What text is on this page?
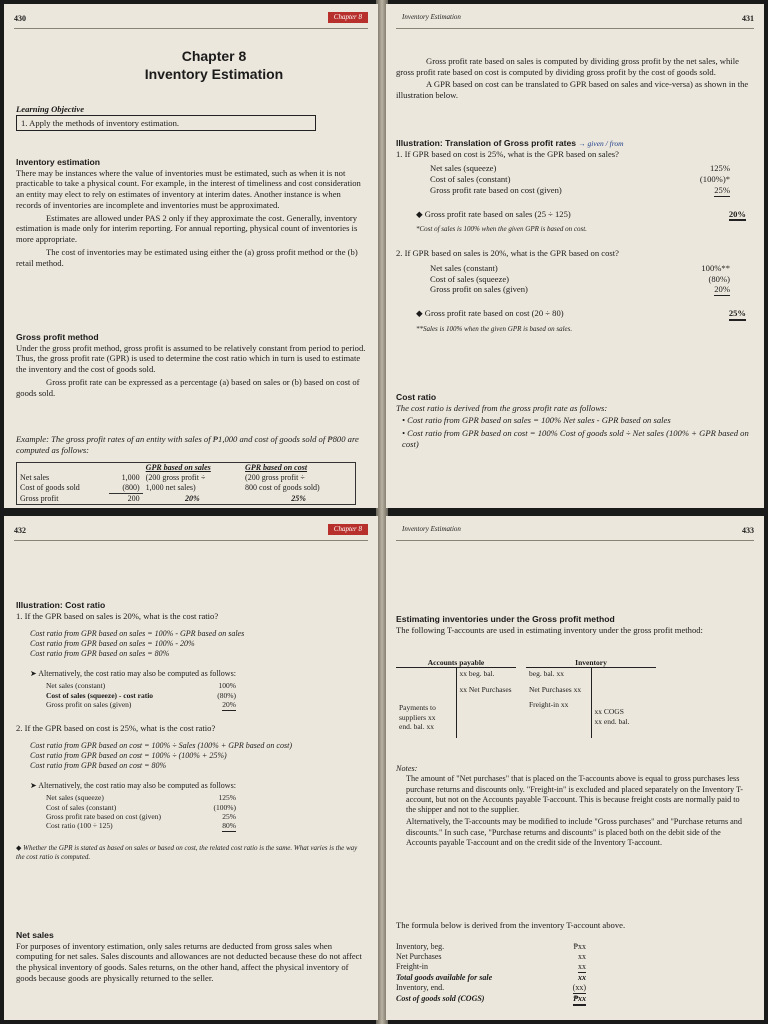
430	Chapter 8
Chapter 8
Inventory Estimation
Learning Objective
1. Apply the methods of inventory estimation.
Inventory estimation

There may be instances where the value of inventories must be estimated, such as when it is not practicable to take a physical count. For example, in the interest of timeliness and cost consideration an entity may elect to rely on estimates of inventory at interim dates. Another instance is when records of inventories are incomplete and inventories must be approximated.

Estimates are allowed under PAS 2 only if they approximate the cost. Generally, inventory estimation is made only for interim reporting. For annual reporting, physical count of inventories is more appropriate.

The cost of inventories may be estimated using either the (a) gross profit method or the (b) retail method.

Gross profit method

Under the gross profit method, gross profit is assumed to be relatively constant from period to period. Thus, the gross profit rate (GPR) is used to determine the cost ratio which in turn is used to estimate the inventory and the cost of goods sold.

Gross profit rate can be expressed as a percentage (a) based on sales or (b) based on cost of goods sold.

Example: The gross profit rates of an entity with sales of ₱1,000 and cost of goods sold of ₱800 are computed as follows:
		GPR based on sales	GPR based on cost
Net sales	1,000	(200 gross profit ÷	(200 gross profit ÷
Cost of goods sold	(800)	1,000 net sales)	800 cost of goods sold)
Gross profit	200	20%	25%
Inventory Estimation	431

Gross profit rate based on sales is computed by dividing gross profit by the net sales, while gross profit rate based on cost is computed by dividing gross profit by the cost of goods sold.

A GPR based on cost can be translated to GPR based on sales and vice-versa) as shown in the illustration below.

Illustration: Translation of Gross profit rates → given / from
1. If GPR based on cost is 25%, what is the GPR based on sales?
Net sales (squeeze)	125%
Cost of sales (constant)	(100%)*
Gross profit rate based on cost (given)	25%
◆ Gross profit rate based on sales (25 ÷ 125)	20%
*Cost of sales is 100% when the given GPR is based on cost.
2. If GPR based on sales is 20%, what is the GPR based on cost?
Net sales (constant)	100%**
Cost of sales (squeeze)	(80%)
Gross profit on sales (given)	20%
◆ Gross profit rate based on cost (20 ÷ 80)	25%
**Sales is 100% when the given GPR is based on sales.
Cost ratio

The cost ratio is derived from the gross profit rate as follows:

• Cost ratio from GPR based on sales = 100% Net sales - GPR based on sales

• Cost ratio from GPR based on cost = 100% Cost of goods sold ÷ Net sales (100% + GPR based on cost)

432	Chapter 8
Illustration: Cost ratio
1. If the GPR based on sales is 20%, what is the cost ratio?
Cost ratio from GPR based on sales = 100% - GPR based on sales
Cost ratio from GPR based on sales = 100% - 20%
Cost ratio from GPR based on sales = 80%
➤ Alternatively, the cost ratio may also be computed as follows:
Net sales (constant)	100%
Cost of sales (squeeze) - cost ratio	(80%)
Gross profit on sales (given)	20%
2. If the GPR based on cost is 25%, what is the cost ratio?
Cost ratio from GPR based on cost = 100% ÷ Sales (100% + GPR based on cost)
Cost ratio from GPR based on cost = 100% ÷ (100% + 25%)
Cost ratio from GPR based on cost = 80%
➤ Alternatively, the cost ratio may also be computed as follows:
Net sales (squeeze)	125%
Cost of sales (constant)	(100%)
Gross profit rate based on cost (given)	25%
Cost ratio (100 ÷ 125)	80%
◆ Whether the GPR is stated as based on sales or based on cost, the related cost ratio is the same. What varies is the way the cost ratio is computed.
Net sales

For purposes of inventory estimation, only sales returns are deducted from gross sales when computing for net sales. Sales discounts and allowances are not deducted because these do not affect the physical inventory of goods. Sales returns, on the other hand, affect the physical inventory of goods because goods are physically returned to the seller.

Inventory Estimation	433
Estimating inventories under the Gross profit method

The following T-accounts are used in estimating inventory under the gross profit method:

Accounts payable
Payments to suppliers xx
end. bal. xx
xx beg. bal.
xx Net Purchases
Inventory
beg. bal. xx
Net Purchases xx
Freight-in xx
xx COGS
xx end. bal.
Notes:

The amount of "Net purchases" that is placed on the T-accounts above is equal to gross purchases less purchase returns and discounts only. "Freight-in" is excluded and placed separately on the Inventory T-account, but not on the Accounts payable T-account. This is because freight costs are normally paid to the shipper and not to the supplier.

Alternatively, the T-accounts may be modified to include "Gross purchases" and "Purchase returns and discounts." In such case, "Purchase returns and discounts" is placed both on the debit side of the Accounts payable T-account and on the credit side of the Inventory T-account.

The formula below is derived from the inventory T-account above.
Inventory, beg.	₱xx
Net Purchases	xx
Freight-in	xx
Total goods available for sale	xx
Inventory, end.	(xx)
Cost of goods sold (COGS)	₱xx
